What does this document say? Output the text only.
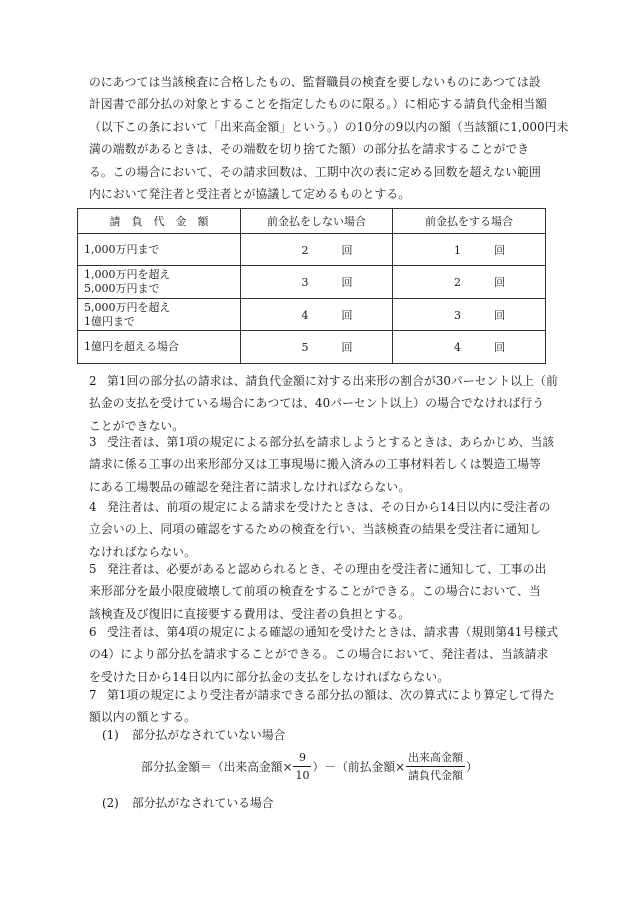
のにあつては当該検査に合格したもの、監督職員の検査を要しないものにあつては設
計図書で部分払の対象とすることを指定したものに限る。）に相応する請負代金相当額
（以下この条において「出来高金額」という。）の10分の9以内の額（当該額に1,000円未
満の端数があるときは、その端数を切り捨てた額）の部分払を請求することができ
る。この場合において、その請求回数は、工期中次の表に定める回数を超えない範囲
内において発注者と受注者とが協議して定めるものとする。
請　負　代　金　額	前金払をしない場合	前金払をする場合
1,000万円まで	2 回	1 回
1,000万円を超え
5,000万円まで	3 回	2 回
5,000万円を超え
1億円まで	4 回	3 回
1億円を超える場合	5 回	4 回
2 第1回の部分払の請求は、請負代金額に対する出来形の割合が30パーセント以上（前
払金の支払を受けている場合にあつては、40パーセント以上）の場合でなければ行う
ことができない。
3 受注者は、第1項の規定による部分払を請求しようとするときは、あらかじめ、当該
請求に係る工事の出来形部分又は工事現場に搬入済みの工事材料若しくは製造工場等
にある工場製品の確認を発注者に請求しなければならない。
4 発注者は、前項の規定による請求を受けたときは、その日から14日以内に受注者の
立会いの上、同項の確認をするための検査を行い、当該検査の結果を受注者に通知し
なければならない。
5 発注者は、必要があると認められるとき、その理由を受注者に通知して、工事の出
来形部分を最小限度破壊して前項の検査をすることができる。この場合において、当
該検査及び復旧に直接要する費用は、受注者の負担とする。
6 受注者は、第4項の規定による確認の通知を受けたときは、請求書（規則第41号様式
の4）により部分払を請求することができる。この場合において、発注者は、当該請求
を受けた日から14日以内に部分払金の支払をしなければならない。
7 第1項の規定により受注者が請求できる部分払の額は、次の算式により算定して得た
額以内の額とする。
(1) 部分払がなされていない場合
部分払金額＝ （ 出来高金額× $\frac{9}{10}$ ） － （ 前払金額× $\frac{\text{出来高金額}}{\text{請負代金額}}$ ）
(2) 部分払がなされている場合
